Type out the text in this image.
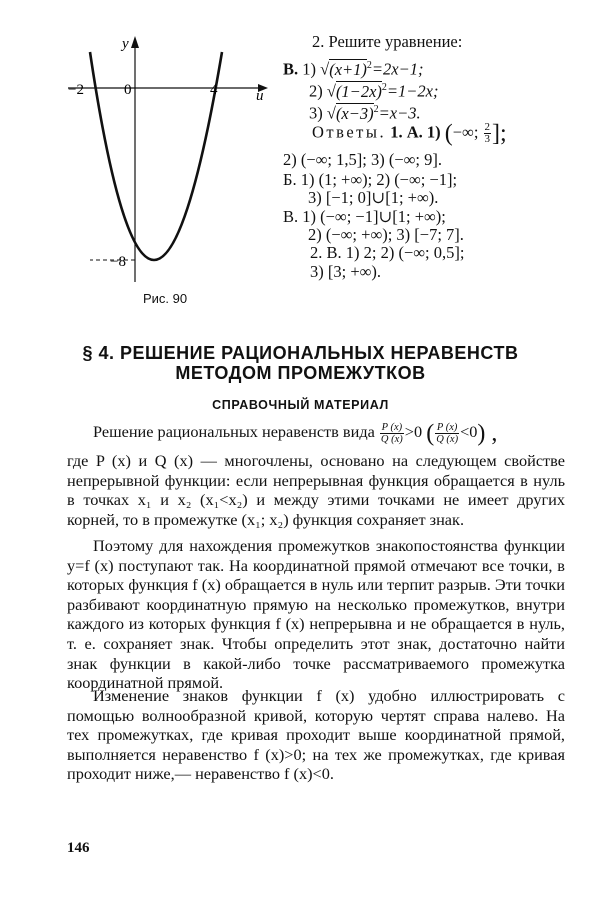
y
u
−2	0	4
−8
Рис. 90
2. Решите уравнение:
В. 1) $√(x+1)^2=2x-1$;
2) $√(1-2x)^2=1-2x$;
3) $√(x-3)^2=x-3$.
Ответы. 1. А. 1) (−∞; $\frac{2}{3}$ ];
2) (−∞; 1,5]; 3) (−∞; 9].
Б. 1) (1; +∞); 2) (−∞; −1];
3) [−1; 0]∪[1; +∞).
В. 1) (−∞; −1]∪[1; +∞);
2) (−∞; +∞); 3) [−7; 7].
2. В. 1) 2; 2) (−∞; 0,5];
3) [3; +∞).
§ 4. РЕШЕНИЕ РАЦИОНАЛЬНЫХ НЕРАВЕНСТВ
МЕТОДОМ ПРОМЕЖУТКОВ
СПРАВОЧНЫЙ МАТЕРИАЛ
Решение рациональных неравенств вида $\frac{P (x)}{Q (x)} >0$ ( $\frac{P (x)}{Q (x)} <0$) ,
где P (x) и Q (x) — многочлены, основано на следующем свойстве непрерывной функции: если непрерывная функция обращается в нуль в точках x₁ и x₂ (x₁<x₂) и между этими точками не имеет других корней, то в промежутке (x₁; x₂) функция сохраняет знак.
Поэтому для нахождения промежутков знакопостоянства функции y=f (x) поступают так. На координатной прямой отмечают все точки, в которых функция f (x) обращается в нуль или терпит разрыв. Эти точки разбивают координатную прямую на несколько промежутков, внутри каждого из которых функция f (x) непрерывна и не обращается в нуль, т. е. сохраняет знак. Чтобы определить этот знак, достаточно найти знак функции в какой-либо точке рассматриваемого промежутка координатной прямой.
Изменение знаков функции f (x) удобно иллюстрировать с помощью волнообразной кривой, которую чертят справа налево. На тех промежутках, где кривая проходит выше координатной прямой, выполняется неравенство f (x)>0; на тех же промежутках, где кривая проходит ниже,— неравенство f (x)<0.
146
